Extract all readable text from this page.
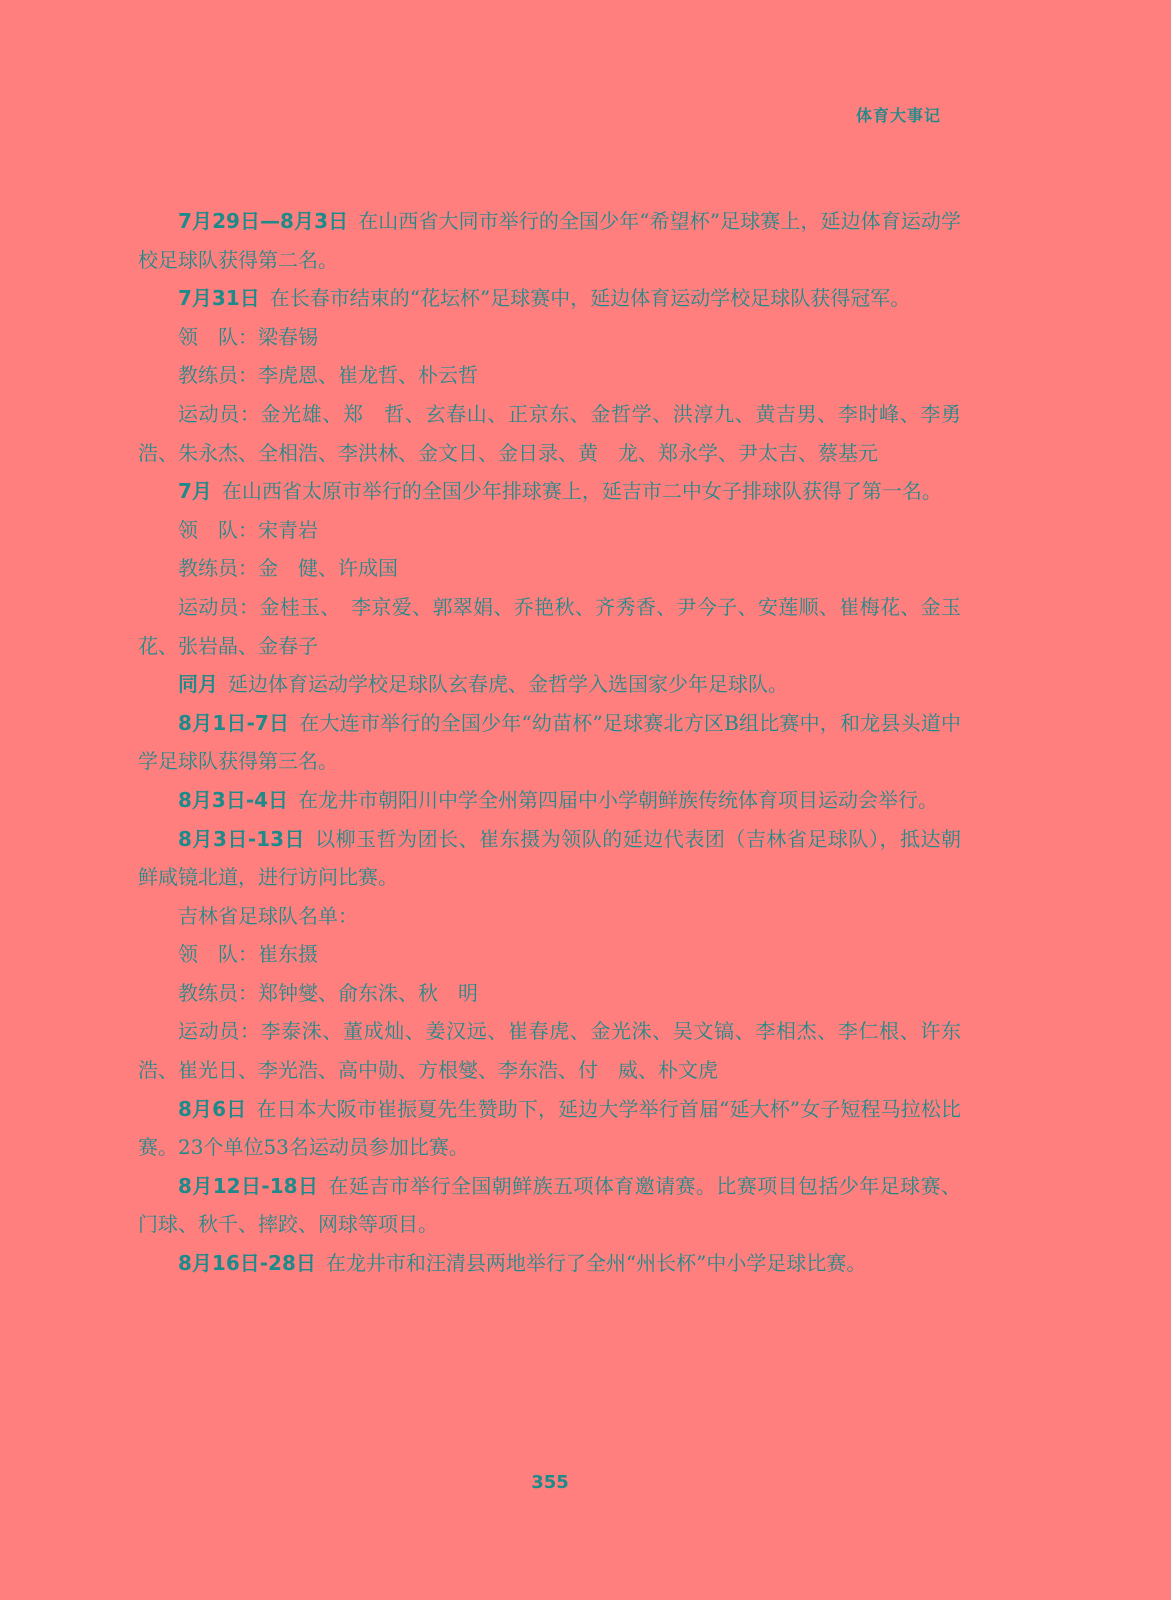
体育大事记

7月29日—8月3日 在山西省大同市举行的全国少年“希望杯”足球赛上，延边体育运动学校足球队获得第二名。

7月31日 在长春市结束的“花坛杯”足球赛中，延边体育运动学校足球队获得冠军。

领　队：梁春锡

教练员：李虎恩、崔龙哲、朴云哲

运动员：金光雄、郑　哲、玄春山、正京东、金哲学、洪淳九、黄吉男、李时峰、李勇浩、朱永杰、全相浩、李洪林、金文日、金日录、黄　龙、郑永学、尹太吉、蔡基元

7月 在山西省太原市举行的全国少年排球赛上，延吉市二中女子排球队获得了第一名。

领　队：宋青岩

教练员：金　健、许成国

运动员：金桂玉、　李京爱、郭翠娟、乔艳秋、齐秀香、尹今子、安莲顺、崔梅花、金玉花、张岩晶、金春子

同月 延边体育运动学校足球队玄春虎、金哲学入选国家少年足球队。

8月1日-7日 在大连市举行的全国少年“幼苗杯”足球赛北方区B组比赛中，和龙县头道中学足球队获得第三名。

8月3日-4日 在龙井市朝阳川中学全州第四届中小学朝鲜族传统体育项目运动会举行。

8月3日-13日 以柳玉哲为团长、崔东摄为领队的延边代表团（吉林省足球队），抵达朝鲜咸镜北道，进行访问比赛。

吉林省足球队名单：

领　队：崔东摄

教练员：郑钟燮、俞东洙、秋　明

运动员：李泰洙、董成灿、姜汉远、崔春虎、金光洙、吴文镐、李相杰、李仁根、许东浩、崔光日、李光浩、高中勋、方根燮、李东浩、付　威、朴文虎

8月6日 在日本大阪市崔振夏先生赞助下，延边大学举行首届“延大杯”女子短程马拉松比赛。23个单位53名运动员参加比赛。

8月12日-18日 在延吉市举行全国朝鲜族五项体育邀请赛。比赛项目包括少年足球赛、门球、秋千、摔跤、网球等项目。

8月16日-28日 在龙井市和汪清县两地举行了全州“州长杯”中小学足球比赛。

355
